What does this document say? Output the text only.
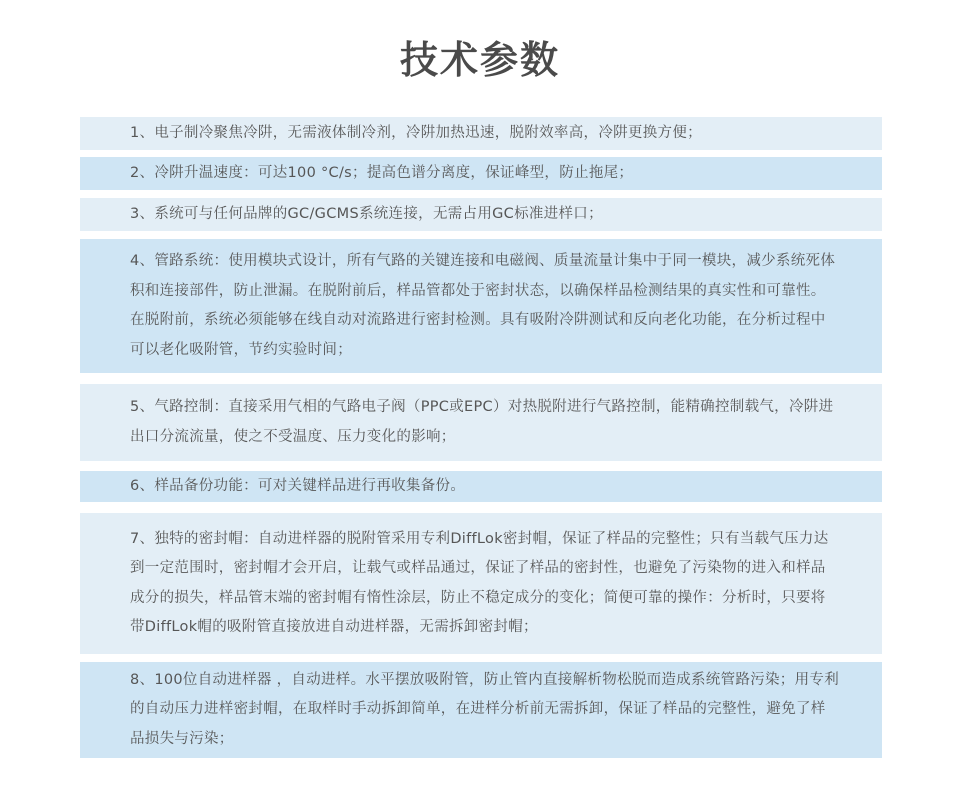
技术参数
1、电子制冷聚焦冷阱，无需液体制冷剂，冷阱加热迅速，脱附效率高，冷阱更换方便；
2、冷阱升温速度：可达100 °C/s；提高色谱分离度，保证峰型，防止拖尾；
3、系统可与任何品牌的GC/GCMS系统连接，无需占用GC标准进样口；
4、管路系统：使用模块式设计，所有气路的关键连接和电磁阀、质量流量计集中于同一模块，减少系统死体积和连接部件，防止泄漏。在脱附前后，样品管都处于密封状态，以确保样品检测结果的真实性和可靠性。在脱附前，系统必须能够在线自动对流路进行密封检测。具有吸附冷阱测试和反向老化功能，在分析过程中可以老化吸附管，节约实验时间；
5、气路控制：直接采用气相的气路电子阀（PPC或EPC）对热脱附进行气路控制，能精确控制载气，冷阱进出口分流流量，使之不受温度、压力变化的影响；
6、样品备份功能：可对关键样品进行再收集备份。
7、独特的密封帽：自动进样器的脱附管采用专利DiffLok密封帽，保证了样品的完整性；只有当载气压力达到一定范围时，密封帽才会开启，让载气或样品通过，保证了样品的密封性，也避免了污染物的进入和样品成分的损失，样品管末端的密封帽有惰性涂层，防止不稳定成分的变化；简便可靠的操作：分析时，只要将带DiffLok帽的吸附管直接放进自动进样器，无需拆卸密封帽；
8、100位自动进样器 ，自动进样。水平摆放吸附管，防止管内直接解析物松脱而造成系统管路污染；用专利的自动压力进样密封帽，在取样时手动拆卸简单，在进样分析前无需拆卸，保证了样品的完整性，避免了样品损失与污染；
